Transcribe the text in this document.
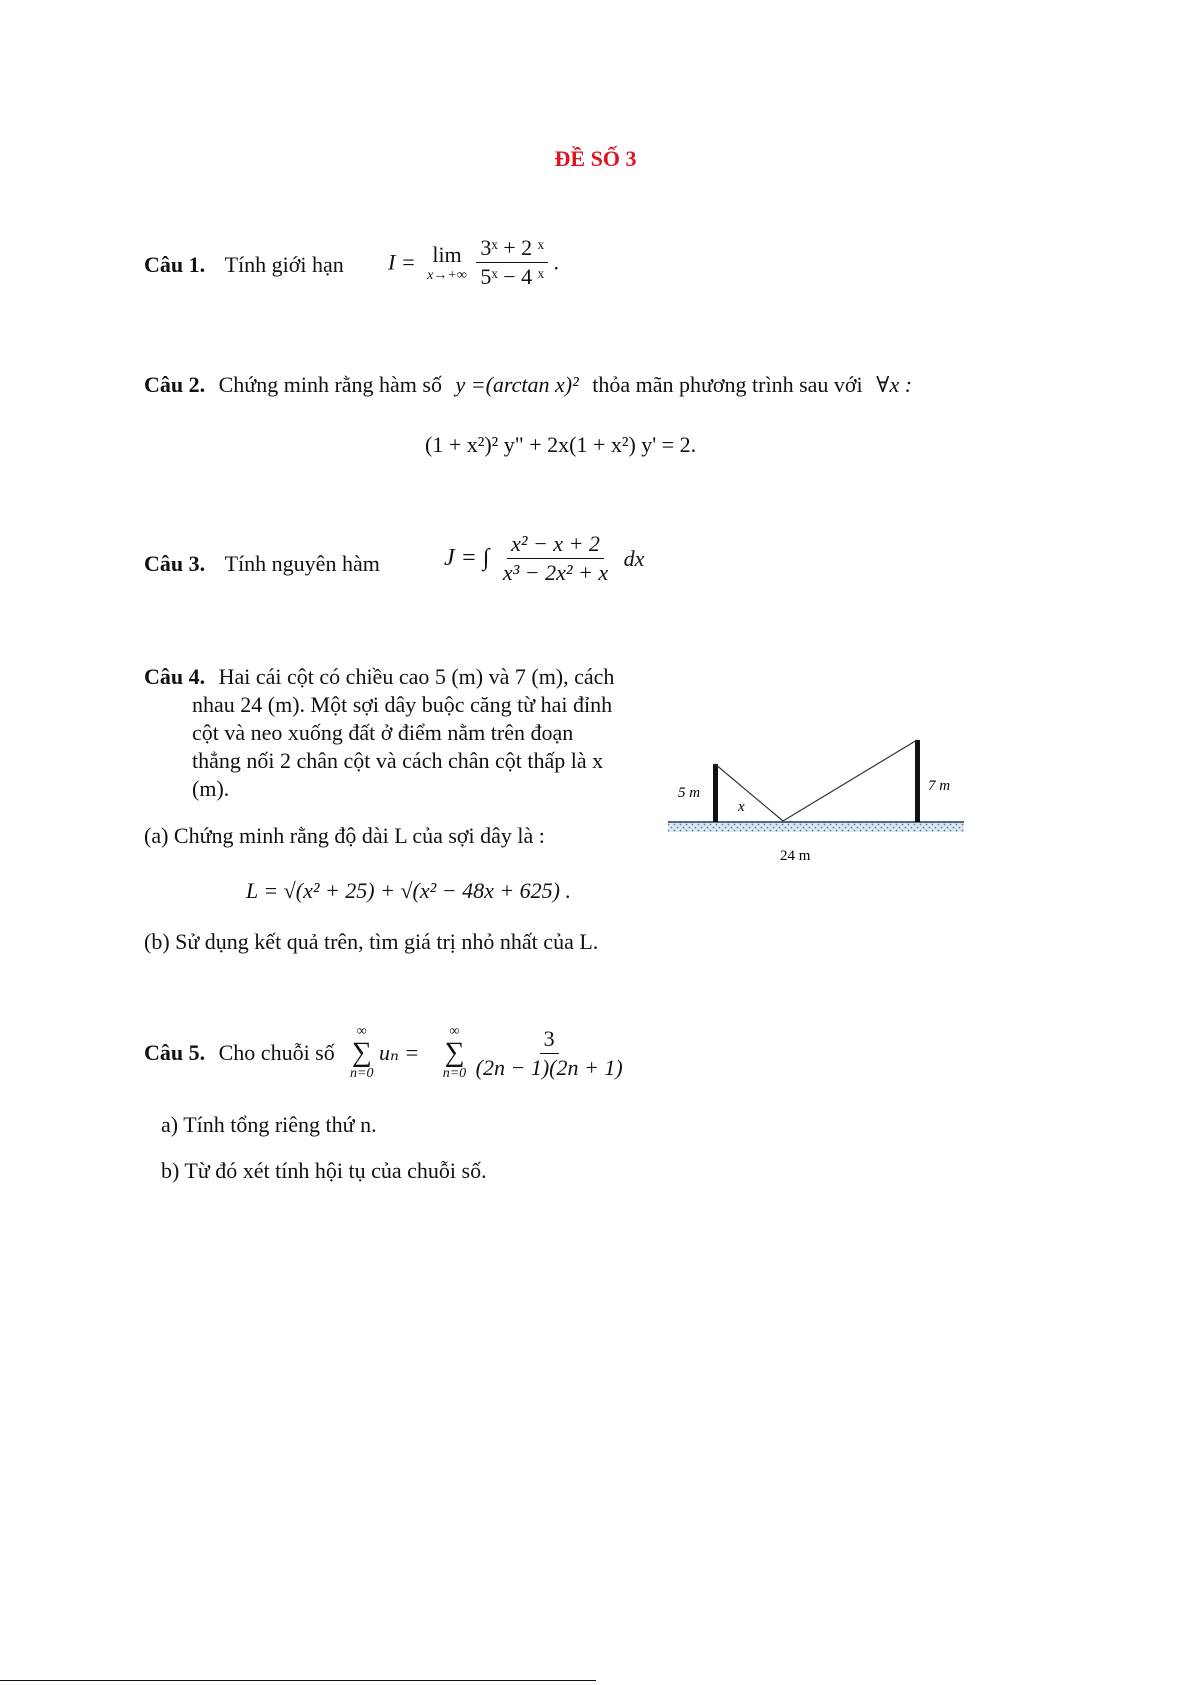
ĐỀ SỐ 3
Câu 1. Tính giới hạn I = lim
x→+∞
$\frac{\text{3ˣ + 2 ˣ}}{\text{5ˣ − 4 ˣ}}$ .
Câu 2. Chứng minh rằng hàm số y =(arctan x)² thỏa mãn phương trình sau với ∀x :
(1 + x²)² y" + 2x(1 + x²) y' = 2.
Câu 3. Tính nguyên hàm	J = ∫ $\frac{\text{x² − x + 2}}{\text{x³ − 2x² + x}}$ dx
Câu 4. Hai cái cột có chiều cao 5 (m) và 7 (m), cách
nhau 24 (m). Một sợi dây buộc căng từ hai đỉnh
cột và neo xuống đất ở điểm nằm trên đoạn
thẳng nối 2 chân cột và cách chân cột thấp là x
(m).
(a) Chứng minh rằng độ dài L của sợi dây là :
L = √(x² + 25) + √(x² − 48x + 625) .
(b) Sử dụng kết quả trên, tìm giá trị nhỏ nhất của L.
5 m	7 m
x
24 m
Câu 5. Cho chuỗi số
∞
∑
n=0
uₙ =
∞
∑
n=0
$\frac{3}{(2n - 1)(2n + 1)}$
a) Tính tổng riêng thứ n.
b) Từ đó xét tính hội tụ của chuỗi số.
